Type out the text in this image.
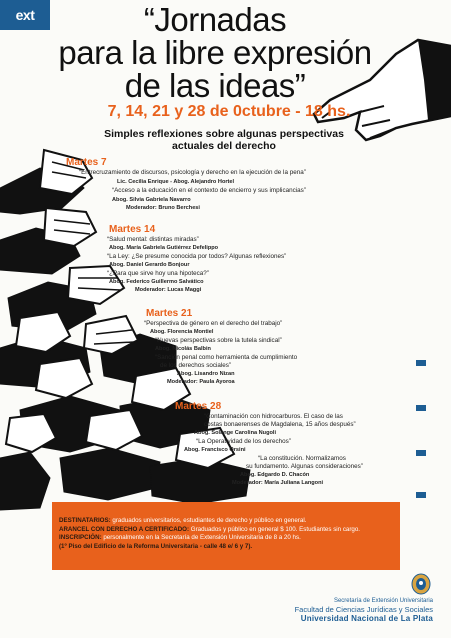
ext	“Jornadas
para la libre expresión
de las ideas”
7, 14, 21 y 28 de 0ctubre - 18 hs.
Simples reflexiones sobre algunas perspectivas
actuales del derecho
Martes 7
“Entrecruzamiento de discursos, psicología y derecho en la ejecución de la pena”
Lic. Cecilia Enrique - Abog. Alejandro Hortel
“Acceso a la educación en el contexto de encierro y sus implicancias”
Abog. Silvia Gabriela Navarro
Moderador: Bruno Berchesi
Martes 14
“Salud mental: distintas miradas”
Abog. María Gabriela Gutiérrez Defelippo
“La Ley: ¿Se presume conocida por todos? Algunas reflexiones”
Abog. Daniel Gerardo Bonjour
“¿Para que sirve hoy una hipoteca?”
Abog. Federico Guillermo Salvático
Moderador: Lucas Maggi
Martes 21
“Perspectiva de género en el derecho del trabajo”
Abog. Florencia Montiel
“Nuevas perspectivas sobre la tutela sindical”
Abog. Nicolás Balbin
“Sanción penal como herramienta de cumplimiento
de los derechos sociales”
Abog. Lisandro Nizan
Moderador: Paula Ayoroa
Martes 28
“Contaminación con hidrocarburos. El caso de las
costas bonaerenses de Magdalena, 15 años después”
Abog. Solange Carolina Nugoli
“La Operatividad de los derechos”
Abog. Francisco Orsini
“La constitución. Normalizamos
su fundamento. Algunas consideraciones”
Abog. Edgardo D. Chacón
Moderador: María Juliana Langoni
DESTINATARIOS: graduados universitarios, estudiantes de derecho y público en general.
ARANCEL CON DERECHO A CERTIFICADO: Graduados y público en general $ 100. Estudiantes sin cargo.
INSCRIPCIÓN: personalmente en la Secretaría de Extensión Universitaria de 8 a 20 hs.
(1º Piso del Edificio de la Reforma Universitaria - calle 48 e/ 6 y 7).
Secretaría de Extensión Universitaria
Facultad de Ciencias Jurídicas y Sociales
Universidad Nacional de La Plata
